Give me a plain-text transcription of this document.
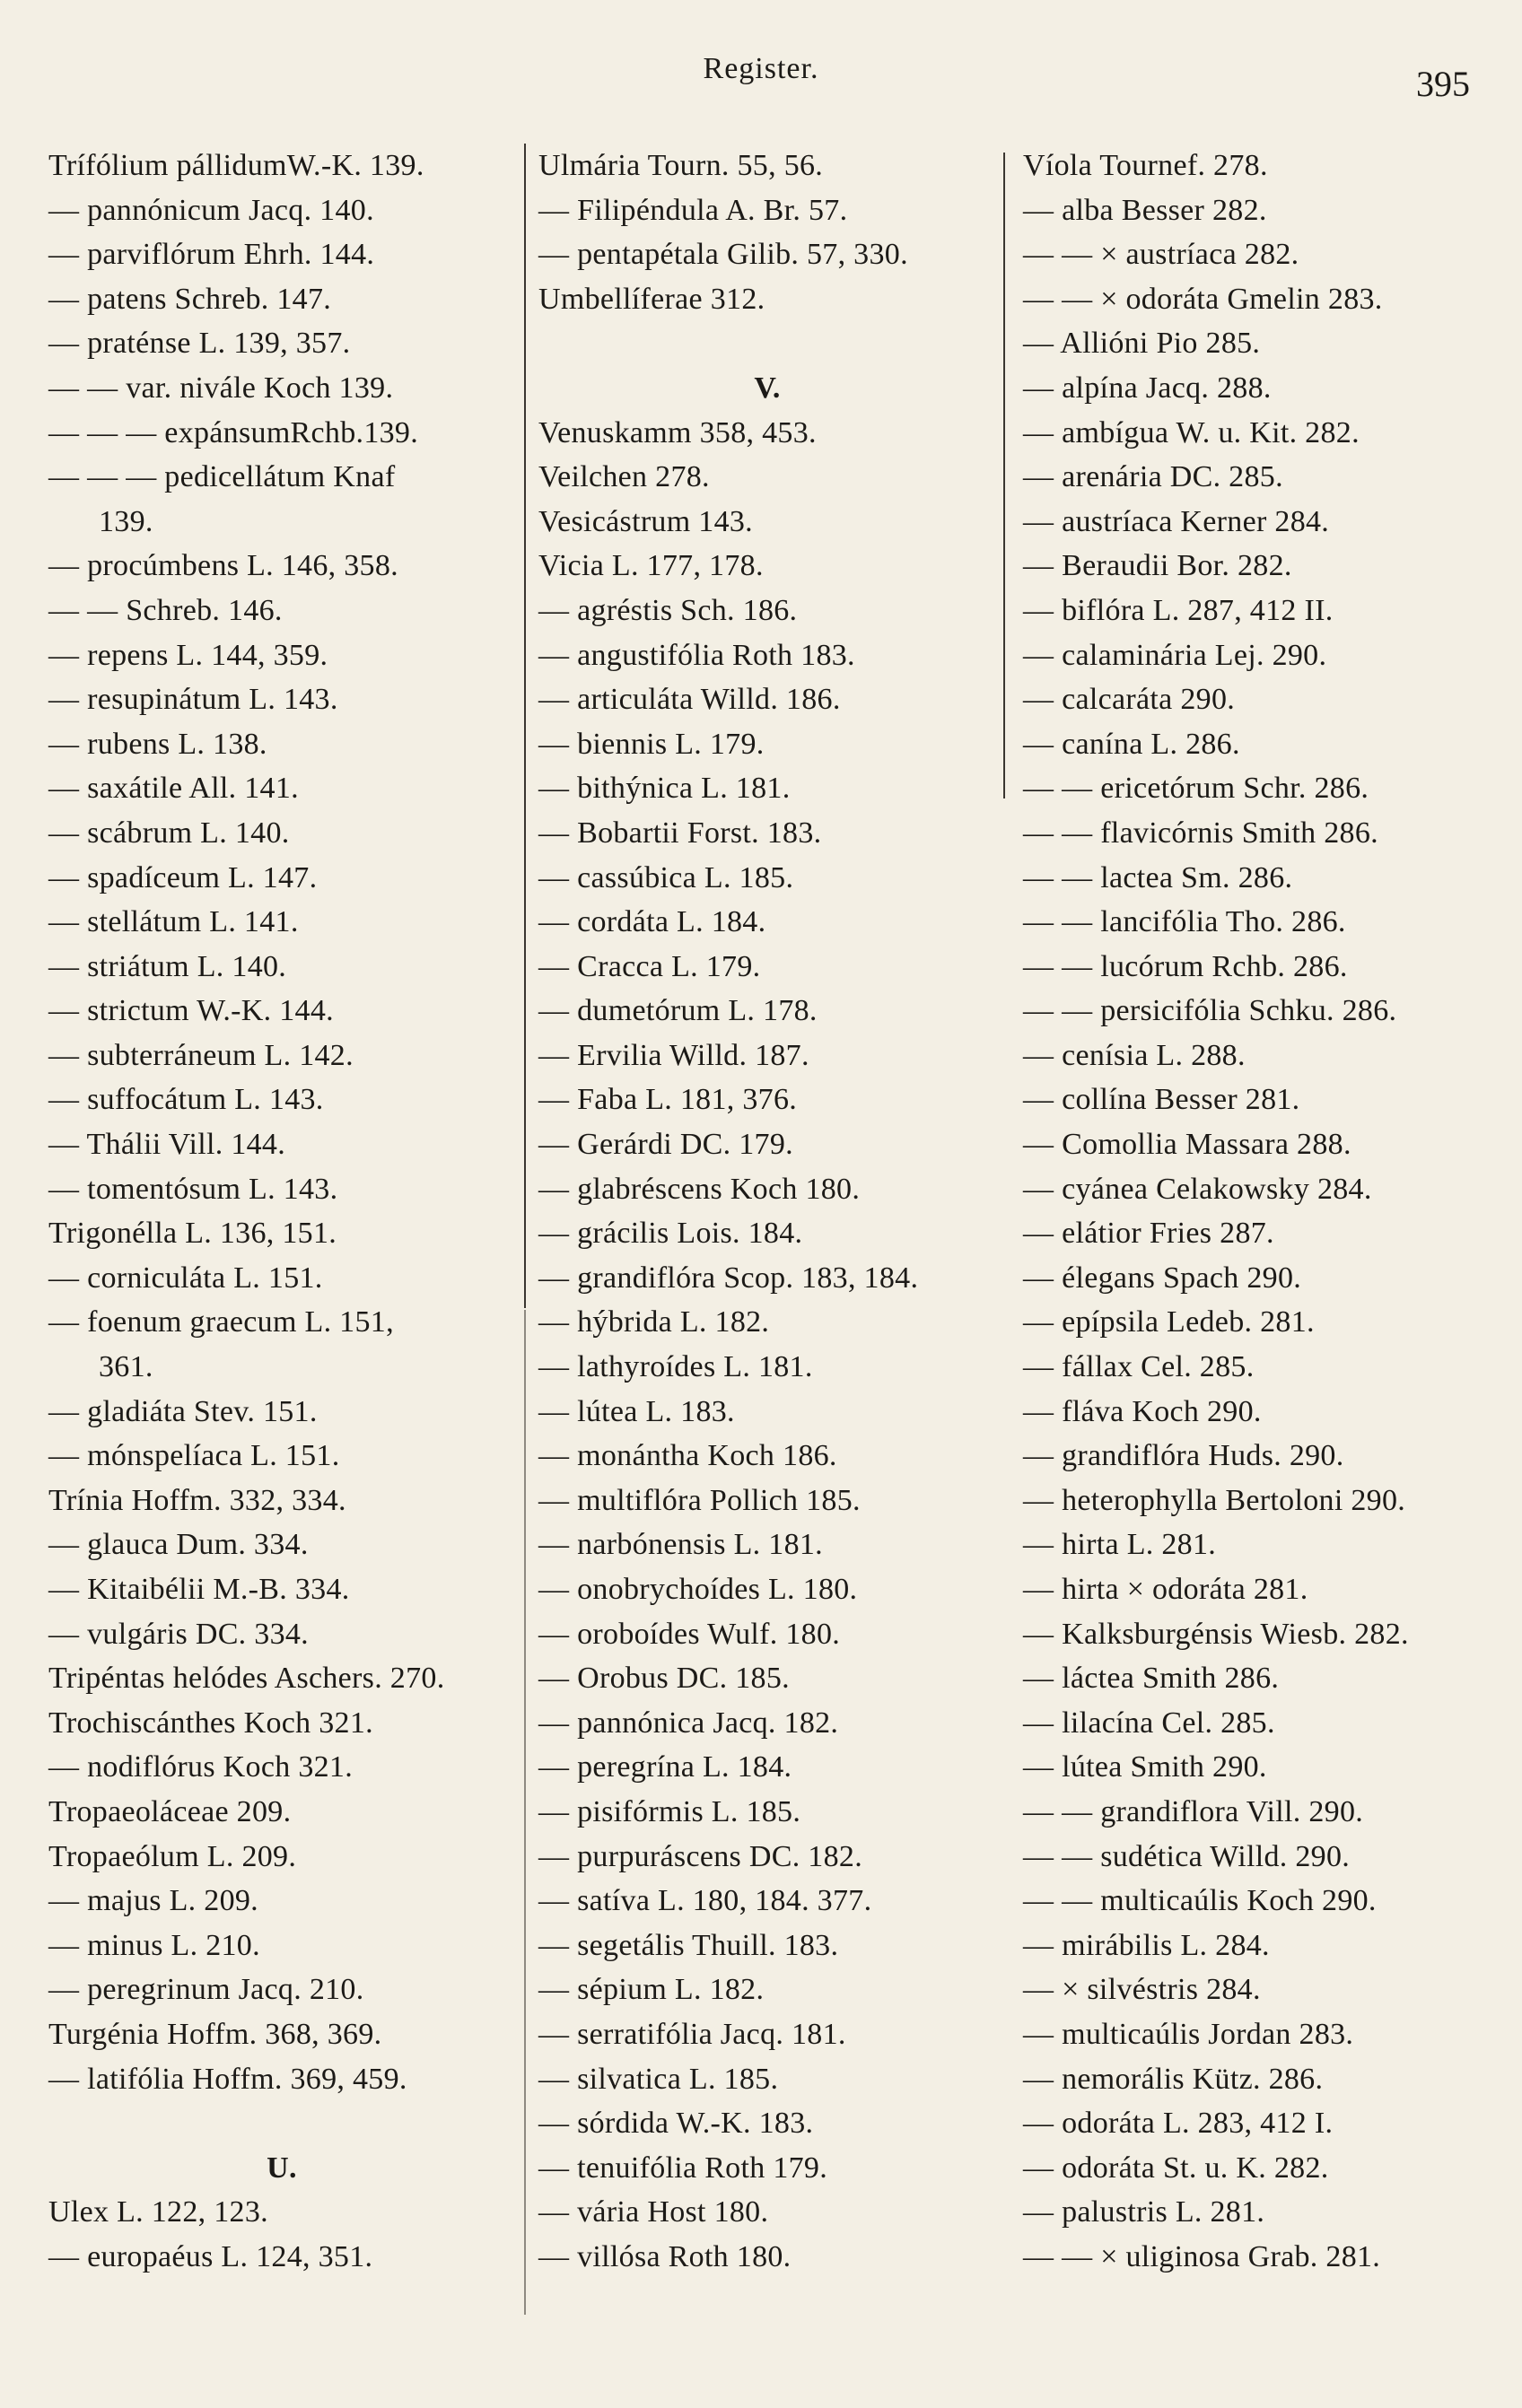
Register.	395
Trífólium pállidumW.-K. 139.
— pannónicum Jacq. 140.
— parviflórum Ehrh. 144.
— patens Schreb. 147.
— praténse L. 139, 357.
— — var. nivále Koch 139.
— — — expánsumRchb.139.
— — — pedicellátum Knaf
139.
— procúmbens L. 146, 358.
— — Schreb. 146.
— repens L. 144, 359.
— resupinátum L. 143.
— rubens L. 138.
— saxátile All. 141.
— scábrum L. 140.
— spadíceum L. 147.
— stellátum L. 141.
— striátum L. 140.
— strictum W.-K. 144.
— subterráneum L. 142.
— suffocátum L. 143.
— Thálii Vill. 144.
— tomentósum L. 143.
Trigonélla L. 136, 151.
— corniculáta L. 151.
— foenum graecum L. 151,
361.
— gladiáta Stev. 151.
— mónspelíaca L. 151.
Trínia Hoffm. 332, 334.
— glauca Dum. 334.
— Kitaibélii M.-B. 334.
— vulgáris DC. 334.
Tripéntas helódes Aschers. 270.
Trochiscánthes Koch 321.
— nodiflórus Koch 321.
Tropaeoláceae 209.
Tropaeólum L. 209.
— majus L. 209.
— minus L. 210.
— peregrinum Jacq. 210.
Turgénia Hoffm. 368, 369.
— latifólia Hoffm. 369, 459.
U.
Ulex L. 122, 123.
— europaéus L. 124, 351.
Ulmária Tourn. 55, 56.
— Filipéndula A. Br. 57.
— pentapétala Gilib. 57, 330.
Umbellíferae 312.
V.
Venuskamm 358, 453.
Veilchen 278.
Vesicástrum 143.
Vicia L. 177, 178.
— agréstis Sch. 186.
— angustifólia Roth 183.
— articuláta Willd. 186.
— biennis L. 179.
— bithýnica L. 181.
— Bobartii Forst. 183.
— cassúbica L. 185.
— cordáta L. 184.
— Cracca L. 179.
— dumetórum L. 178.
— Ervilia Willd. 187.
— Faba L. 181, 376.
— Gerárdi DC. 179.
— glabréscens Koch 180.
— grácilis Lois. 184.
— grandiflóra Scop. 183, 184.
— hýbrida L. 182.
— lathyroídes L. 181.
— lútea L. 183.
— monántha Koch 186.
— multiflóra Pollich 185.
— narbónensis L. 181.
— onobrychoídes L. 180.
— oroboídes Wulf. 180.
— Orobus DC. 185.
— pannónica Jacq. 182.
— peregrína L. 184.
— pisifórmis L. 185.
— purpuráscens DC. 182.
— satíva L. 180, 184. 377.
— segetális Thuill. 183.
— sépium L. 182.
— serratifólia Jacq. 181.
— silvatica L. 185.
— sórdida W.-K. 183.
— tenuifólia Roth 179.
— vária Host 180.
— villósa Roth 180.
Víola Tournef. 278.
— alba Besser 282.
— — × austríaca 282.
— — × odoráta Gmelin 283.
— Allióni Pio 285.
— alpína Jacq. 288.
— ambígua W. u. Kit. 282.
— arenária DC. 285.
— austríaca Kerner 284.
— Beraudii Bor. 282.
— biflóra L. 287, 412 II.
— calaminária Lej. 290.
— calcaráta 290.
— canína L. 286.
— — ericetórum Schr. 286.
— — flavicórnis Smith 286.
— — lactea Sm. 286.
— — lancifólia Tho. 286.
— — lucórum Rchb. 286.
— — persicifólia Schku. 286.
— cenísia L. 288.
— collína Besser 281.
— Comollia Massara 288.
— cyánea Celakowsky 284.
— elátior Fries 287.
— élegans Spach 290.
— epípsila Ledeb. 281.
— fállax Cel. 285.
— fláva Koch 290.
— grandiflóra Huds. 290.
— heterophylla Bertoloni 290.
— hirta L. 281.
— hirta × odoráta 281.
— Kalksburgénsis Wiesb. 282.
— láctea Smith 286.
— lilacína Cel. 285.
— lútea Smith 290.
— — grandiflora Vill. 290.
— — sudética Willd. 290.
— — multicaúlis Koch 290.
— mirábilis L. 284.
— × silvéstris 284.
— multicaúlis Jordan 283.
— nemorális Kütz. 286.
— odoráta L. 283, 412 I.
— odoráta St. u. K. 282.
— palustris L. 281.
— — × uliginosa Grab. 281.
